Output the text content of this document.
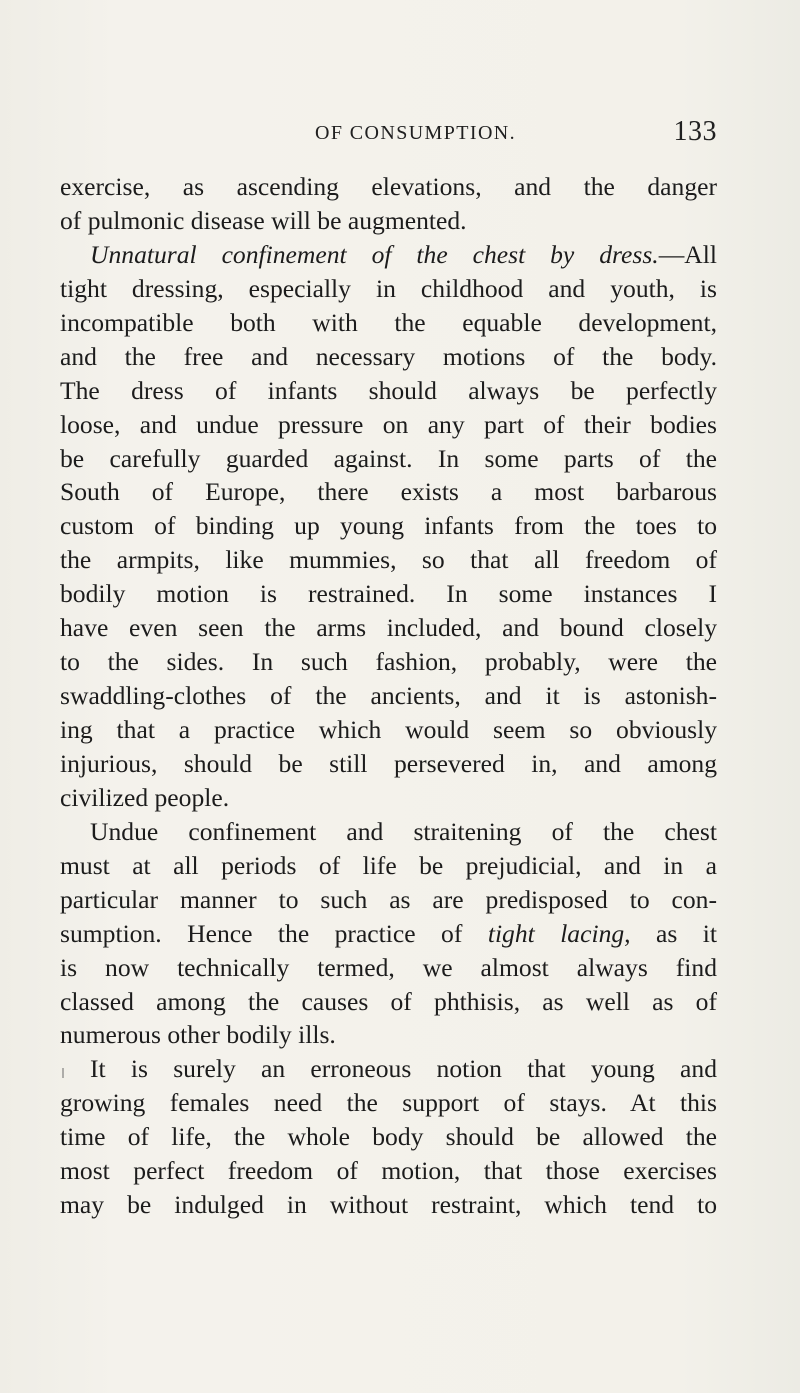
OF CONSUMPTION.	133
exercise, as ascending elevations, and the danger
of pulmonic disease will be augmented.
Unnatural confinement of the chest by dress.—All
tight dressing, especially in childhood and youth, is
incompatible both with the equable development,
and the free and necessary motions of the body.
The dress of infants should always be perfectly
loose, and undue pressure on any part of their bodies
be carefully guarded against. In some parts of the
South of Europe, there exists a most barbarous
custom of binding up young infants from the toes to
the armpits, like mummies, so that all freedom of
bodily motion is restrained. In some instances I
have even seen the arms included, and bound closely
to the sides. In such fashion, probably, were the
swaddling-clothes of the ancients, and it is astonish-
ing that a practice which would seem so obviously
injurious, should be still persevered in, and among
civilized people.
Undue confinement and straitening of the chest
must at all periods of life be prejudicial, and in a
particular manner to such as are predisposed to con-
sumption. Hence the practice of tight lacing, as it
is now technically termed, we almost always find
classed among the causes of phthisis, as well as of
numerous other bodily ills.
It is surely an erroneous notion that young and
growing females need the support of stays. At this
time of life, the whole body should be allowed the
most perfect freedom of motion, that those exercises
may be indulged in without restraint, which tend to
